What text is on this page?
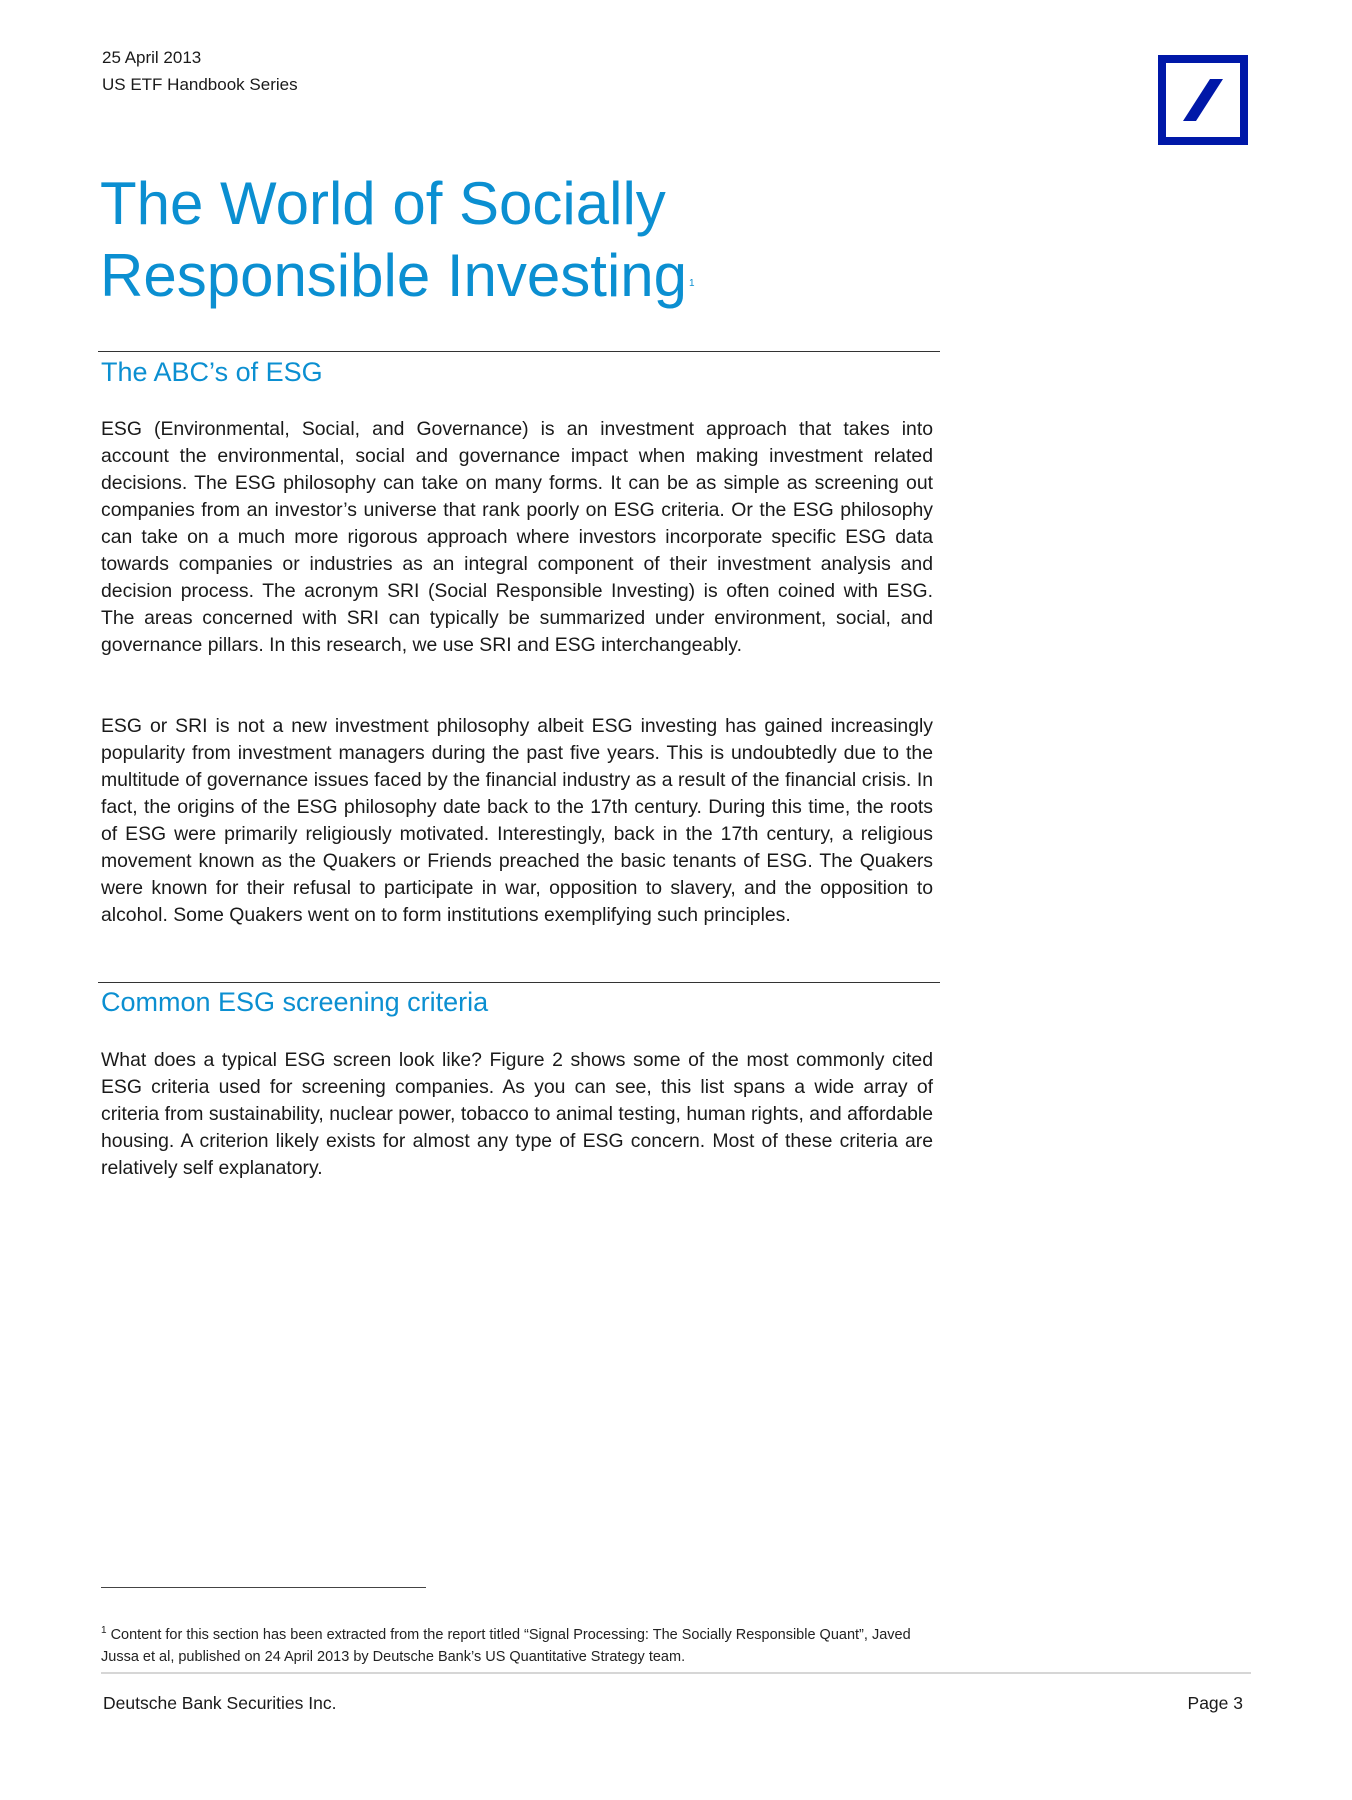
25 April 2013
US ETF Handbook Series
The World of Socially
Responsible Investing $^1$
The ABC’s of ESG

ESG (Environmental, Social, and Governance) is an investment approach that takes into account the environmental, social and governance impact when making investment related decisions. The ESG philosophy can take on many forms. It can be as simple as screening out companies from an investor’s universe that rank poorly on ESG criteria. Or the ESG philosophy can take on a much more rigorous approach where investors incorporate specific ESG data towards companies or industries as an integral component of their investment analysis and decision process. The acronym SRI (Social Responsible Investing) is often coined with ESG. The areas concerned with SRI can typically be summarized under environment, social, and governance pillars. In this research, we use SRI and ESG interchangeably.

ESG or SRI is not a new investment philosophy albeit ESG investing has gained increasingly popularity from investment managers during the past five years. This is undoubtedly due to the multitude of governance issues faced by the financial industry as a result of the financial crisis. In fact, the origins of the ESG philosophy date back to the 17th century. During this time, the roots of ESG were primarily religiously motivated. Interestingly, back in the 17th century, a religious movement known as the Quakers or Friends preached the basic tenants of ESG. The Quakers were known for their refusal to participate in war, opposition to slavery, and the opposition to alcohol. Some Quakers went on to form institutions exemplifying such principles.

Common ESG screening criteria

What does a typical ESG screen look like? Figure 2 shows some of the most commonly cited ESG criteria used for screening companies. As you can see, this list spans a wide array of criteria from sustainability, nuclear power, tobacco to animal testing, human rights, and affordable housing. A criterion likely exists for almost any type of ESG concern. Most of these criteria are relatively self explanatory.

$^1$ Content for this section has been extracted from the report titled “Signal Processing: The Socially Responsible Quant”, Javed Jussa et al, published on 24 April 2013 by Deutsche Bank’s US Quantitative Strategy team.

Deutsche Bank Securities Inc.	Page 3
